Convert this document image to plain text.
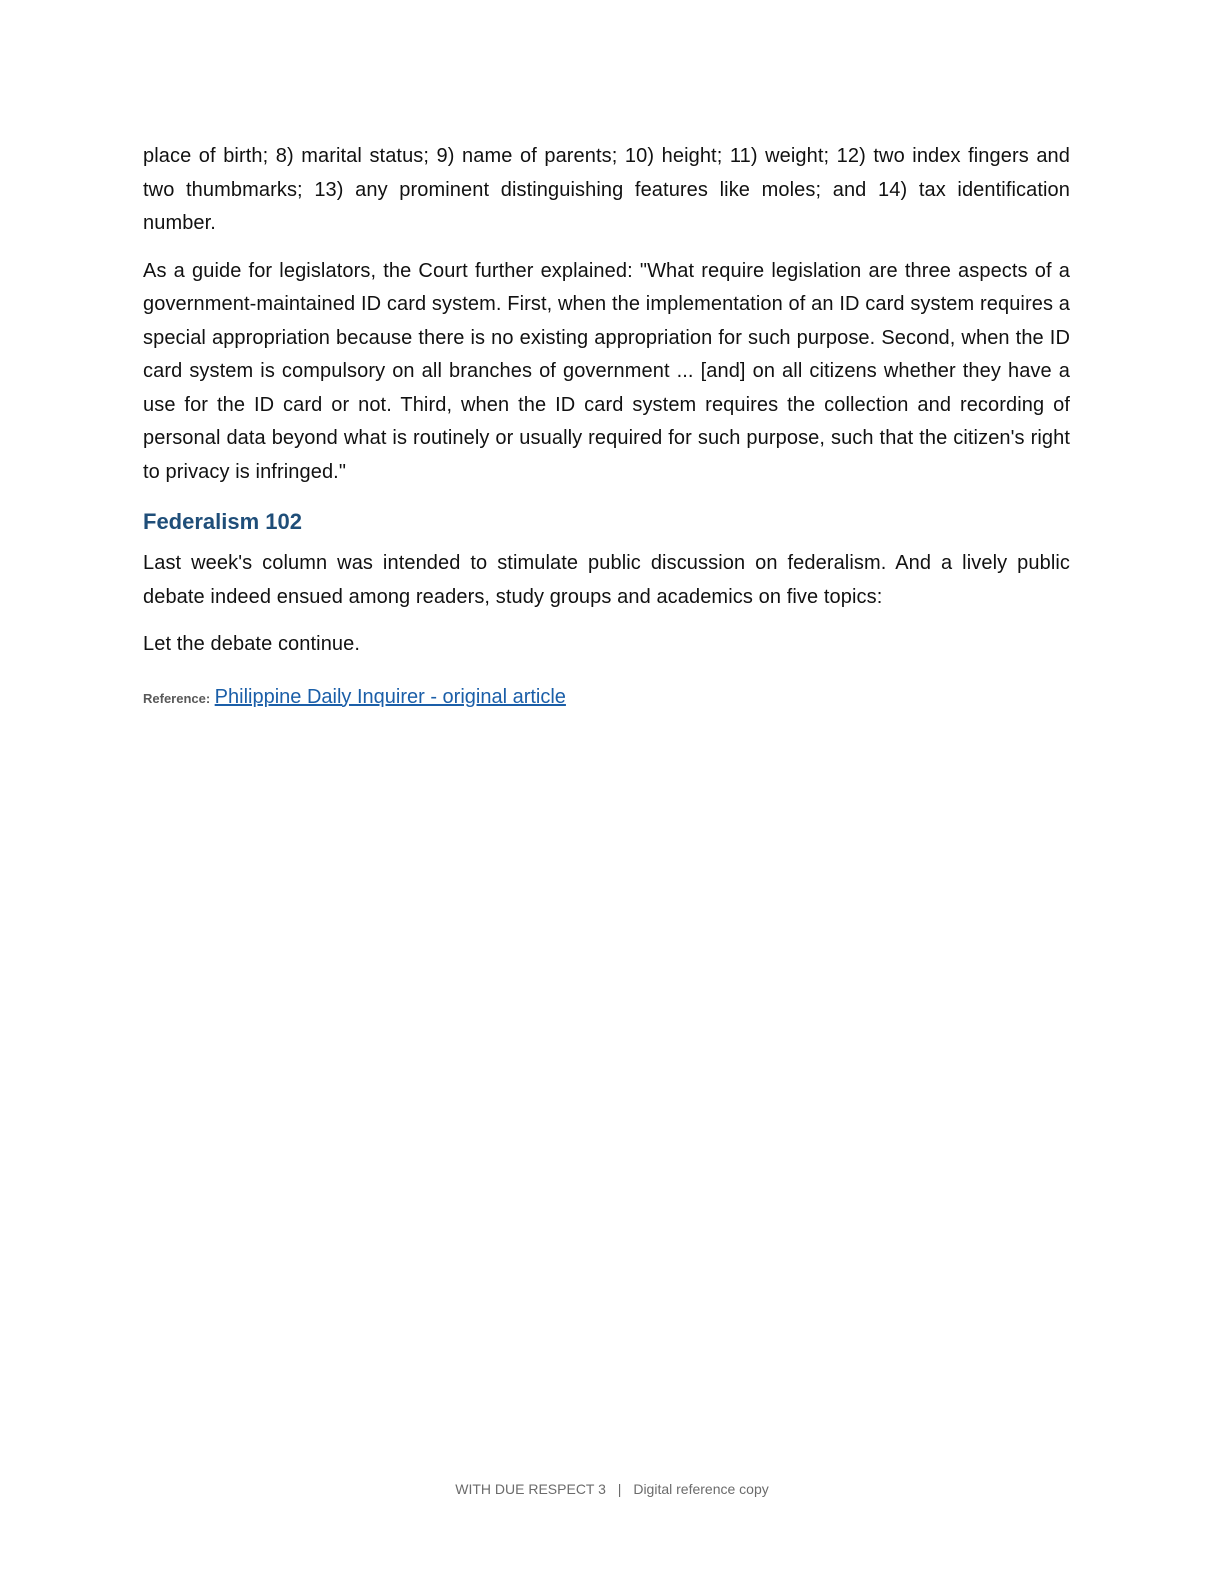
place of birth; 8) marital status; 9) name of parents; 10) height; 11) weight; 12) two index fingers and two thumbmarks; 13) any prominent distinguishing features like moles; and 14) tax identification number.

As a guide for legislators, the Court further explained: "What require legislation are three aspects of a government-maintained ID card system. First, when the implementation of an ID card system requires a special appropriation because there is no existing appropriation for such purpose. Second, when the ID card system is compulsory on all branches of government ... [and] on all citizens whether they have a use for the ID card or not. Third, when the ID card system requires the collection and recording of personal data beyond what is routinely or usually required for such purpose, such that the citizen's right to privacy is infringed."

Federalism 102

Last week's column was intended to stimulate public discussion on federalism. And a lively public debate indeed ensued among readers, study groups and academics on five topics:

Let the debate continue.

Reference: Philippine Daily Inquirer - original article
WITH DUE RESPECT 3 | Digital reference copy
